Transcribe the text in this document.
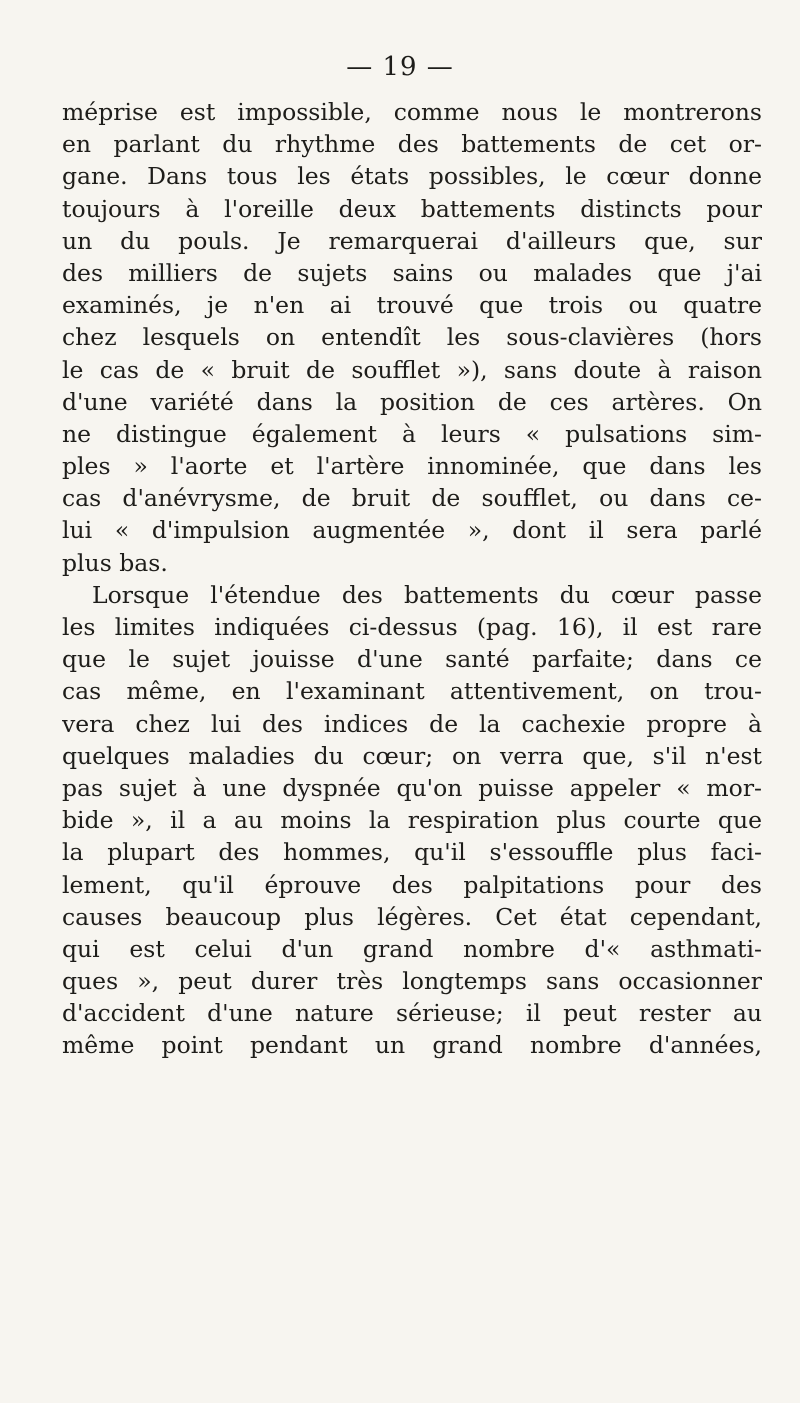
— 19 —
méprise est impossible, comme nous le montrerons
en parlant du rhythme des battements de cet or-
gane. Dans tous les états possibles, le cœur donne
toujours à l'oreille deux battements distincts pour
un du pouls. Je remarquerai d'ailleurs que, sur
des milliers de sujets sains ou malades que j'ai
examinés, je n'en ai trouvé que trois ou quatre
chez lesquels on entendît les sous-clavières (hors
le cas de « bruit de soufflet »), sans doute à raison
d'une variété dans la position de ces artères. On
ne distingue également à leurs « pulsations sim-
ples » l'aorte et l'artère innominée, que dans les
cas d'anévrysme, de bruit de soufflet, ou dans ce-
lui « d'impulsion augmentée », dont il sera parlé
plus bas.
Lorsque l'étendue des battements du cœur passe
les limites indiquées ci-dessus (pag. 16), il est rare
que le sujet jouisse d'une santé parfaite; dans ce
cas même, en l'examinant attentivement, on trou-
vera chez lui des indices de la cachexie propre à
quelques maladies du cœur; on verra que, s'il n'est
pas sujet à une dyspnée qu'on puisse appeler « mor-
bide », il a au moins la respiration plus courte que
la plupart des hommes, qu'il s'essouffle plus faci-
lement, qu'il éprouve des palpitations pour des
causes beaucoup plus légères. Cet état cependant,
qui est celui d'un grand nombre d'« asthmati-
ques », peut durer très longtemps sans occasionner
d'accident d'une nature sérieuse; il peut rester au
même point pendant un grand nombre d'années,
